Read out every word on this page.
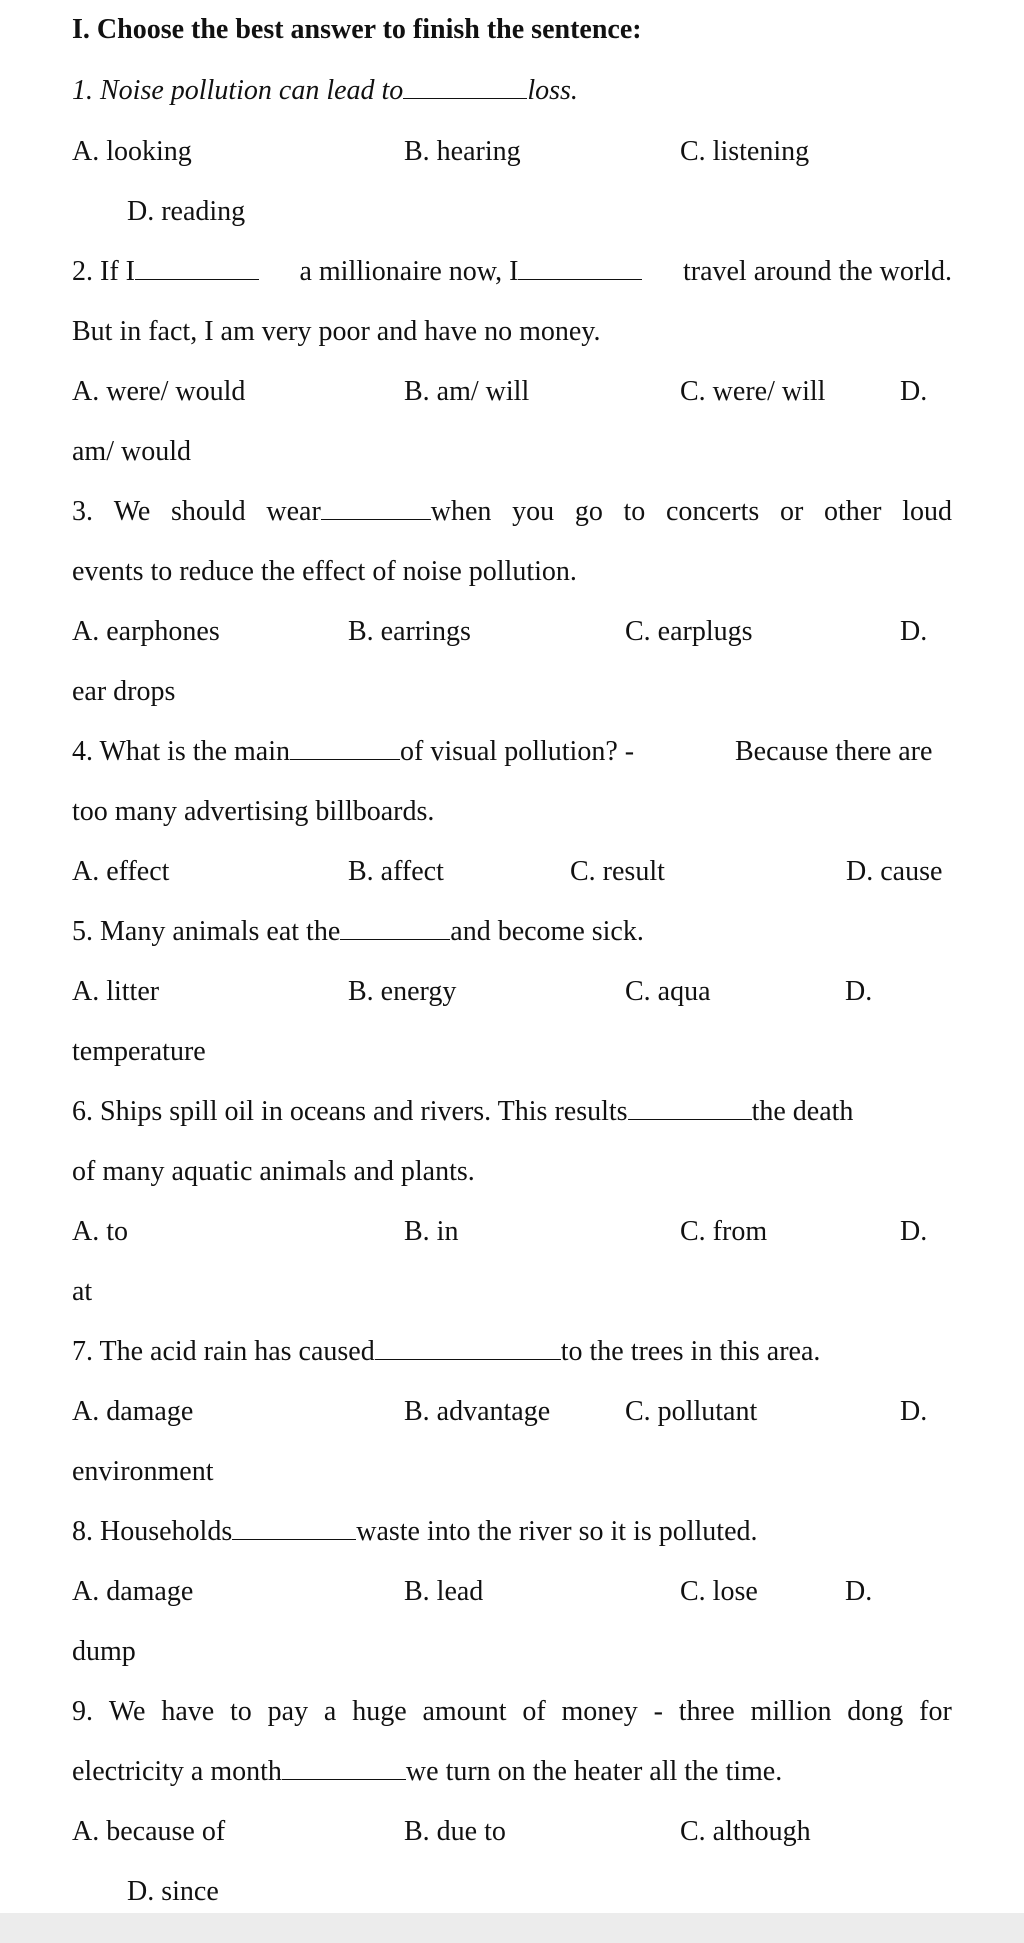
I. Choose the best answer to finish the sentence:
1. Noise pollution can lead to	loss.
A. looking	B. hearing	C. listening
D. reading
2. If I	a millionaire now, I	travel around the world.
But in fact, I am very poor and have no money.
A. were/ would	B. am/ will	C. were/ will	D.
am/ would
3. We should wear	when you go to concerts or other loud
events to reduce the effect of noise pollution.
A. earphones	B. earrings	C. earplugs	D.
ear drops
4. What is the main	of visual pollution? -	Because there are
too many advertising billboards.
A. effect	B. affect	C. result	D. cause
5. Many animals eat the	and become sick.
A. litter	B. energy	C. aqua	D.
temperature
6. Ships spill oil in oceans and rivers. This results	the death
of many aquatic animals and plants.
A. to	B. in	C. from	D.
at
7. The acid rain has caused	to the trees in this area.
A. damage	B. advantage	C. pollutant	D.
environment
8. Households	waste into the river so it is polluted.
A. damage	B. lead	C. lose	D.
dump
9. We have to pay a huge amount of money - three million dong for
electricity a month	we turn on the heater all the time.
A. because of	B. due to	C. although
D. since
